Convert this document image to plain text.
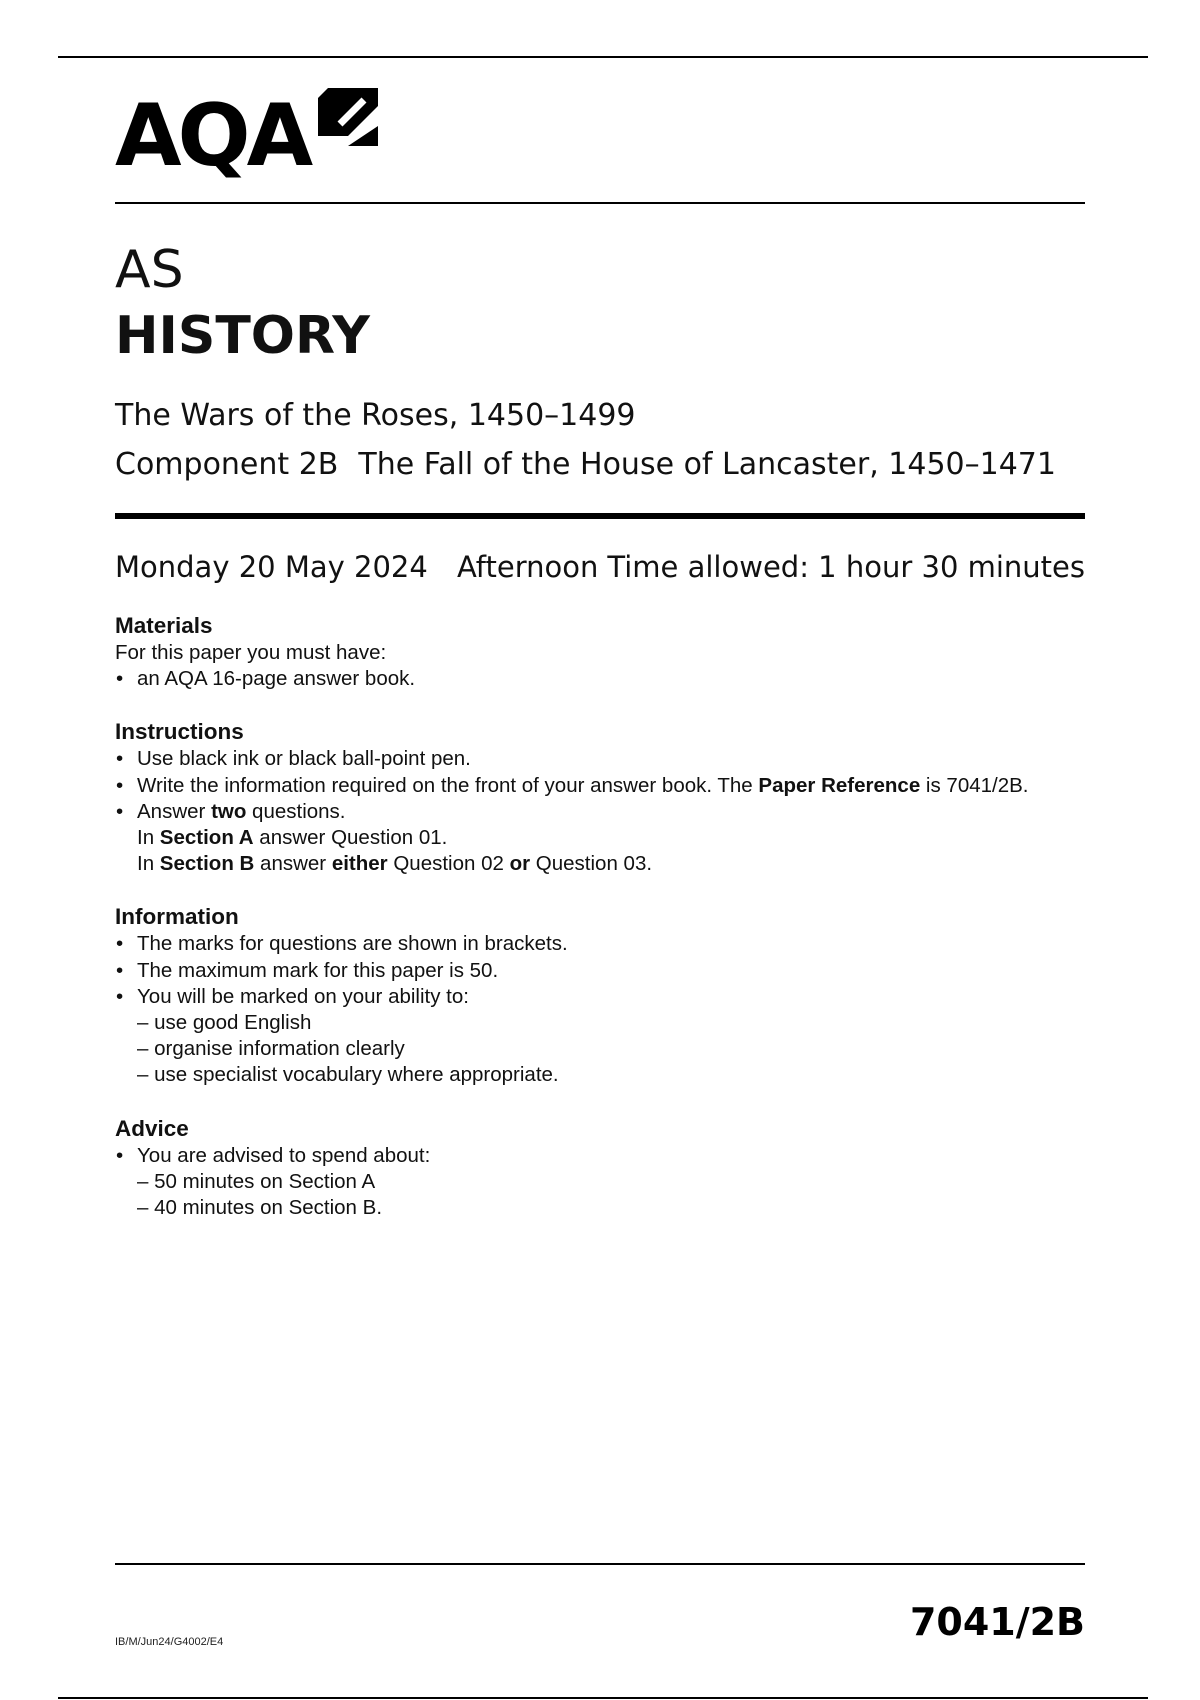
AQA
AS
HISTORY
The Wars of the Roses, 1450–1499
Component 2B The Fall of the House of Lancaster, 1450–1471
Monday 20 May 2024 Afternoon Time allowed: 1 hour 30 minutes
Materials

For this paper you must have:

• an AQA 16-page answer book.
Instructions
• Use black ink or black ball-point pen.
• Write the information required on the front of your answer book. The Paper Reference is 7041/2B.
• Answer two questions.
In Section A answer Question 01.
In Section B answer either Question 02 or Question 03.
Information
• The marks for questions are shown in brackets.
• The maximum mark for this paper is 50.
• You will be marked on your ability to:
– use good English
– organise information clearly
– use specialist vocabulary where appropriate.
Advice
• You are advised to spend about:
– 50 minutes on Section A
– 40 minutes on Section B.
IB/M/Jun24/G4002/E4	7041/2B
